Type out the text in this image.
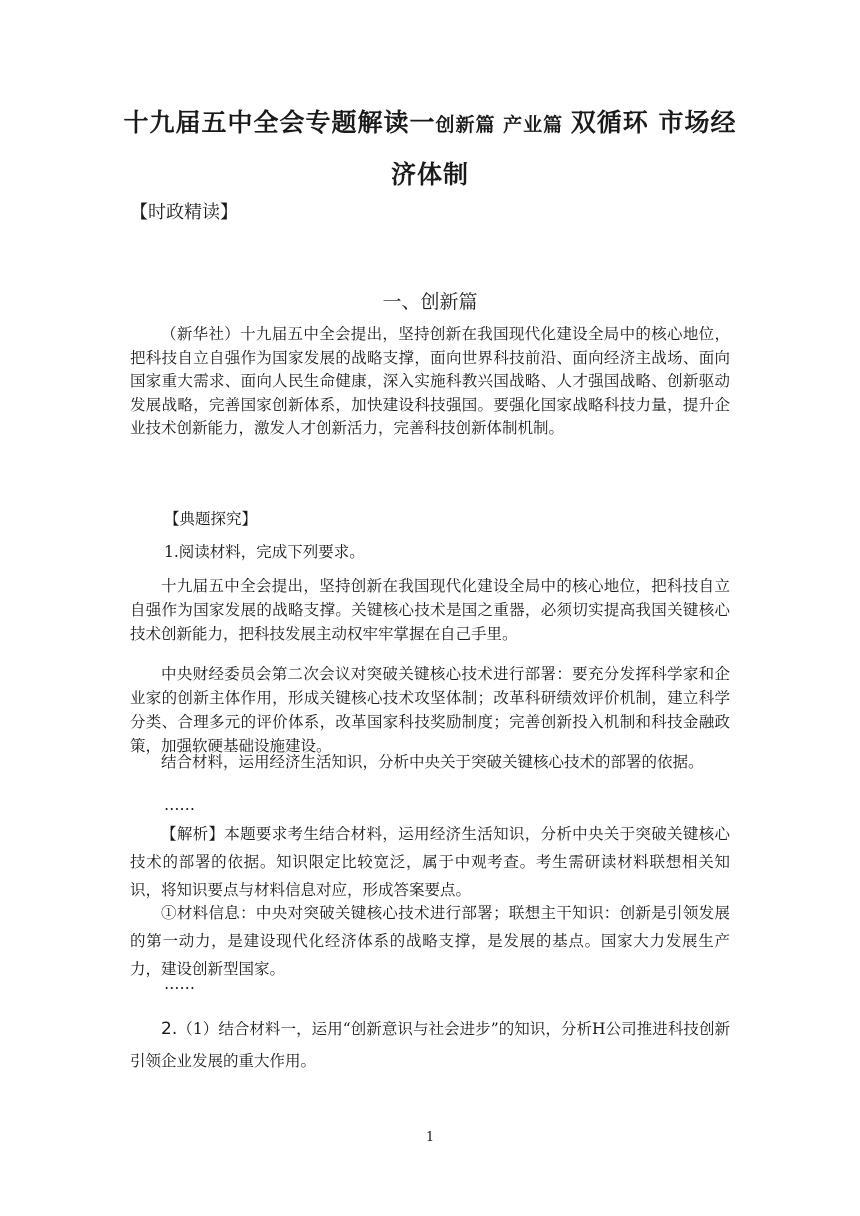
十九届五中全会专题解读一创新篇 产业篇 双循环 市场经济体制
【时政精读】
一、创新篇

（新华社）十九届五中全会提出，坚持创新在我国现代化建设全局中的核心地位，把科技自立自强作为国家发展的战略支撑，面向世界科技前沿、面向经济主战场、面向国家重大需求、面向人民生命健康，深入实施科教兴国战略、人才强国战略、创新驱动发展战略，完善国家创新体系，加快建设科技强国。要强化国家战略科技力量，提升企业技术创新能力，激发人才创新活力，完善科技创新体制机制。

【典题探究】
1.阅读材料，完成下列要求。

十九届五中全会提出，坚持创新在我国现代化建设全局中的核心地位，把科技自立自强作为国家发展的战略支撑。关键核心技术是国之重器，必须切实提高我国关键核心技术创新能力，把科技发展主动权牢牢掌握在自己手里。

中央财经委员会第二次会议对突破关键核心技术进行部署：要充分发挥科学家和企业家的创新主体作用，形成关键核心技术攻坚体制；改革科研绩效评价机制，建立科学分类、合理多元的评价体系，改革国家科技奖励制度；完善创新投入机制和科技金融政策，加强软硬基础设施建设。

结合材料，运用经济生活知识，分析中央关于突破关键核心技术的部署的依据。

……

【解析】本题要求考生结合材料，运用经济生活知识，分析中央关于突破关键核心技术的部署的依据。知识限定比较宽泛，属于中观考查。考生需研读材料联想相关知识，将知识要点与材料信息对应，形成答案要点。

①材料信息：中央对突破关键核心技术进行部署；联想主干知识：创新是引领发展的第一动力，是建设现代化经济体系的战略支撑，是发展的基点。国家大力发展生产力，建设创新型国家。

……

2.（1）结合材料一，运用“创新意识与社会进步”的知识，分析H公司推进科技创新引领企业发展的重大作用。

1
